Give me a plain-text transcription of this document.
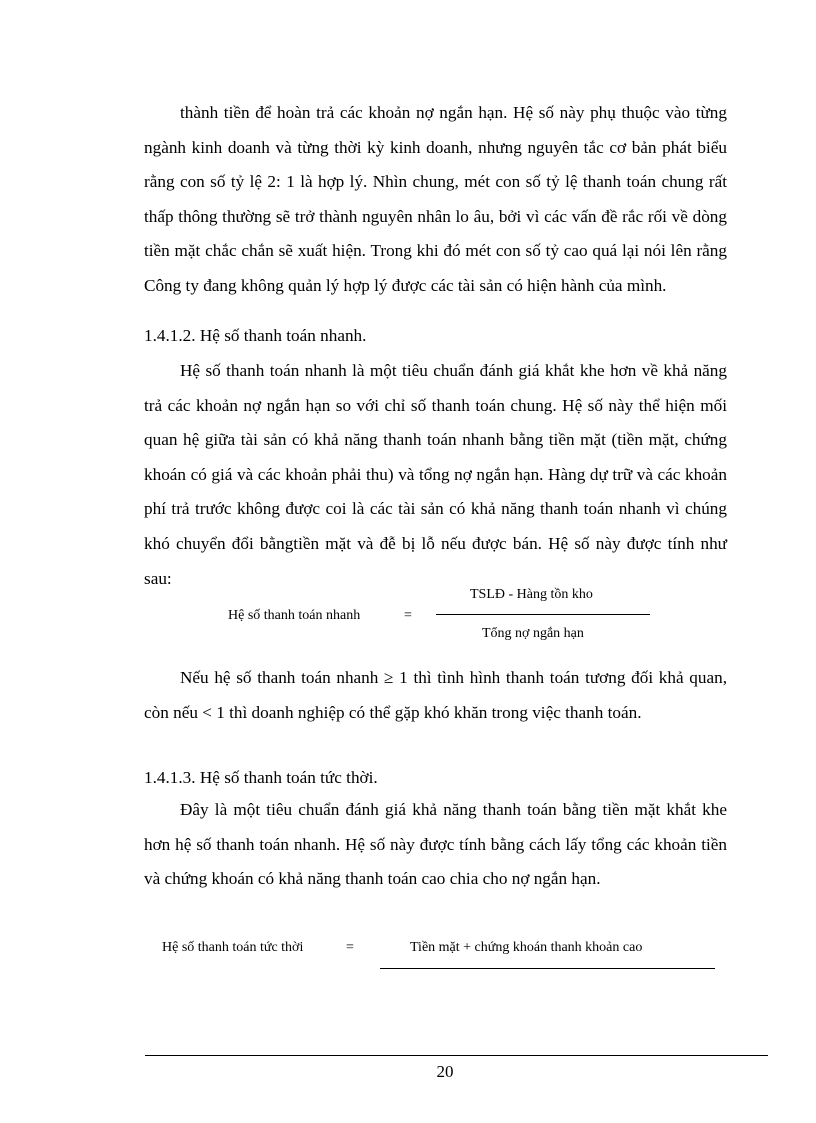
thành tiền để hoàn trả các khoản nợ ngắn hạn. Hệ số này phụ thuộc vào từng ngành kinh doanh và từng thời kỳ kinh doanh, nhưng nguyên tắc cơ bản phát biểu rằng con số tỷ lệ 2: 1 là hợp lý. Nhìn chung, mét con số tỷ lệ thanh toán chung rất thấp thông thường sẽ trở thành nguyên nhân lo âu, bởi vì các vấn đề rắc rối về dòng tiền mặt chắc chắn sẽ xuất hiện. Trong khi đó mét con số tỷ cao quá lại nói lên rằng Công ty đang không quản lý hợp lý được các tài sản có hiện hành của mình.

1.4.1.2. Hệ số thanh toán nhanh.

Hệ số thanh toán nhanh là một tiêu chuẩn đánh giá khắt khe hơn về khả năng trả các khoản nợ ngắn hạn so với chỉ số thanh toán chung. Hệ số này thể hiện mối quan hệ giữa tài sản có khả năng thanh toán nhanh bằng tiền mặt (tiền mặt, chứng khoán có giá và các khoản phải thu) và tổng nợ ngắn hạn. Hàng dự trữ và các khoản phí trả trước không được coi là các tài sản có khả năng thanh toán nhanh vì chúng khó chuyển đổi bằngtiền mặt và đễ bị lỗ nếu được bán. Hệ số này được tính như sau:

Hệ số thanh toán nhanh	=
TSLĐ - Hàng tồn kho
Tổng nợ ngắn hạn

Nếu hệ số thanh toán nhanh ≥ 1 thì tình hình thanh toán tương đối khả quan, còn nếu < 1 thì doanh nghiệp có thể gặp khó khăn trong việc thanh toán.

1.4.1.3. Hệ số thanh toán tức thời.

Đây là một tiêu chuẩn đánh giá khả năng thanh toán bằng tiền mặt khắt khe hơn hệ số thanh toán nhanh. Hệ số này được tính bằng cách lấy tổng các khoản tiền và chứng khoán có khả năng thanh toán cao chia cho nợ ngắn hạn.

Hệ số thanh toán tức thời	=	Tiền mặt + chứng khoán thanh khoản cao
20
